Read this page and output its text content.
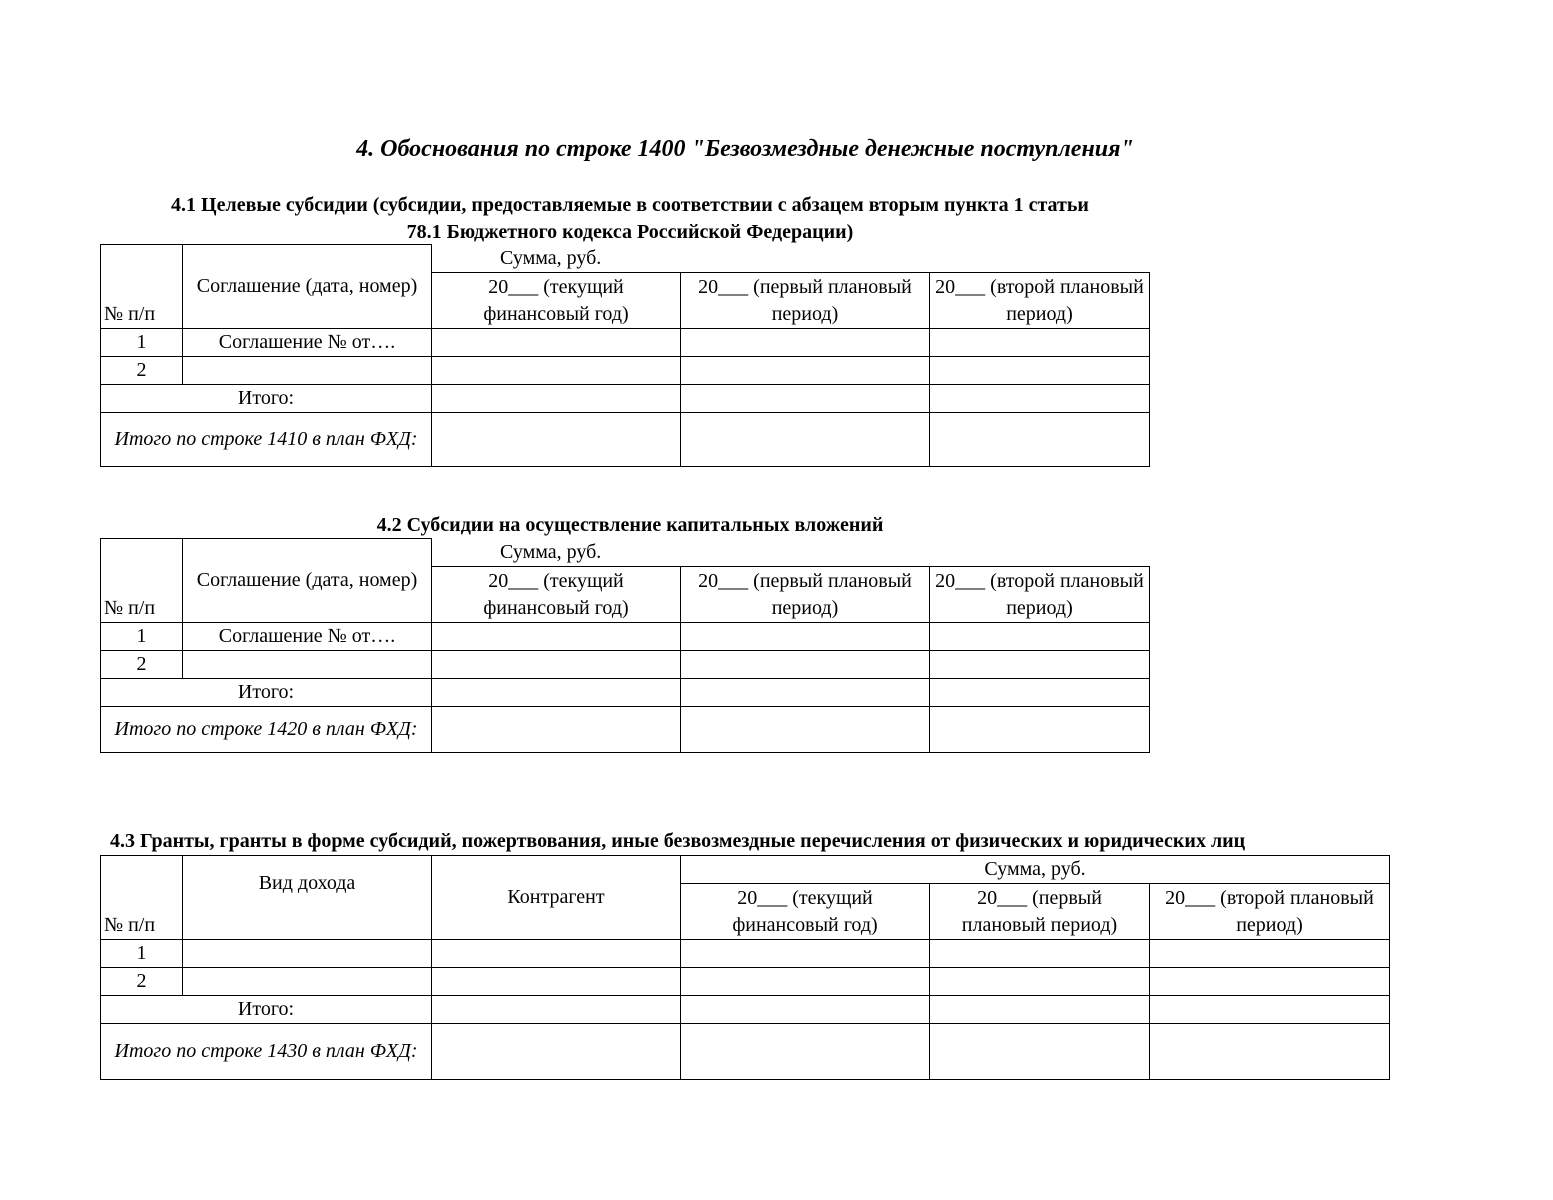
4. Обоснования по строке 1400 "Безвозмездные денежные поступления"
4.1 Целевые субсидии (субсидии, предоставляемые в соответствии с абзацем вторым пункта 1 статьи
78.1 Бюджетного кодекса Российской Федерации)
№ п/п	Соглашение (дата, номер)	Сумма, руб.		
		20___ (текущий финансовый год)	20___ (первый плановый период)	20___ (второй плановый период)
1	Соглашение № от….			
2				
Итого:				
Итого по строке 1410 в план ФХД:				
4.2 Субсидии на осуществление капитальных вложений
№ п/п	Соглашение (дата, номер)	Сумма, руб.		
		20___ (текущий финансовый год)	20___ (первый плановый период)	20___ (второй плановый период)
1	Соглашение № от….			
2				
Итого:				
Итого по строке 1420 в план ФХД:				
4.3 Гранты, гранты в форме субсидий, пожертвования, иные безвозмездные перечисления от физических и юридических лиц
№ п/п	Вид дохода	Контрагент	Сумма, руб.		
			20___ (текущий финансовый год)	20___ (первый плановый период)	20___ (второй плановый период)
1					
2					
Итого:					
Итого по строке 1430 в план ФХД:					
